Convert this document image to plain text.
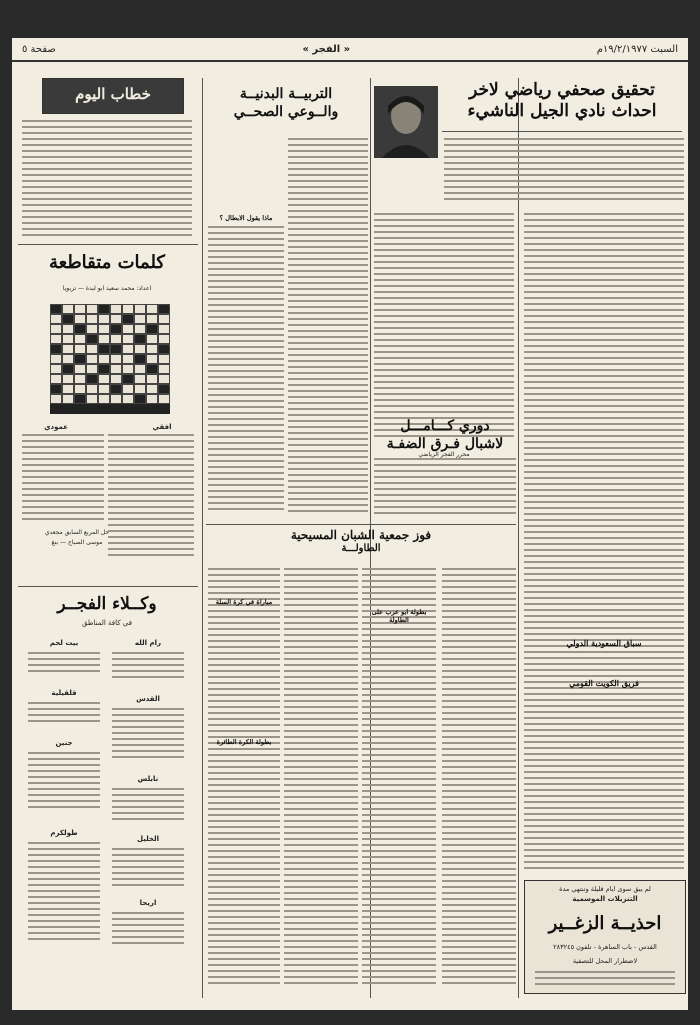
السبت ١٩/٢/١٩٧٧م
« الفجر »
صفحة ٥
تحقيق صحفي رياضي لاخر
احداث نادي الجيل الناشيء
محرر الفجر الرياضي
سباق السعودية الدولي
فريق الكويت القومي
لم يبق سوى ايام قليلة وتنتهي مدة
التنزيلات الموسمية
احذيــة الزغــير
القدس - باب الساهرة - تلفون ٢٨٣٢٤٥
لاضطرار المحل للتصفية
دوري كـــامـــل
لاشبال فـرق الضفـة
فوز جمعية الشبان المسيحية
الطاولـــة
بطولة ابو عرب على الطاولة
التربيــة البدنيــة
والــوعي الصحــي
ماذا يقول الابطال ؟
مباراة في كرة السلة
بطولة الكرة الطائرة
خطاب اليوم
كلمات متقاطعة
اعداد: محمد سعيد ابو لبدة — تربويا
افقي
عمودي
حل المربع السابق مجعدي
موسى الصباح — بنغ
وكــلاء الفجــر
في كافة المناطق
رام الله
القدس
نابلس
الخليل
اريحا
بيت لحم
قلقيلية
جنين
طولكرم
